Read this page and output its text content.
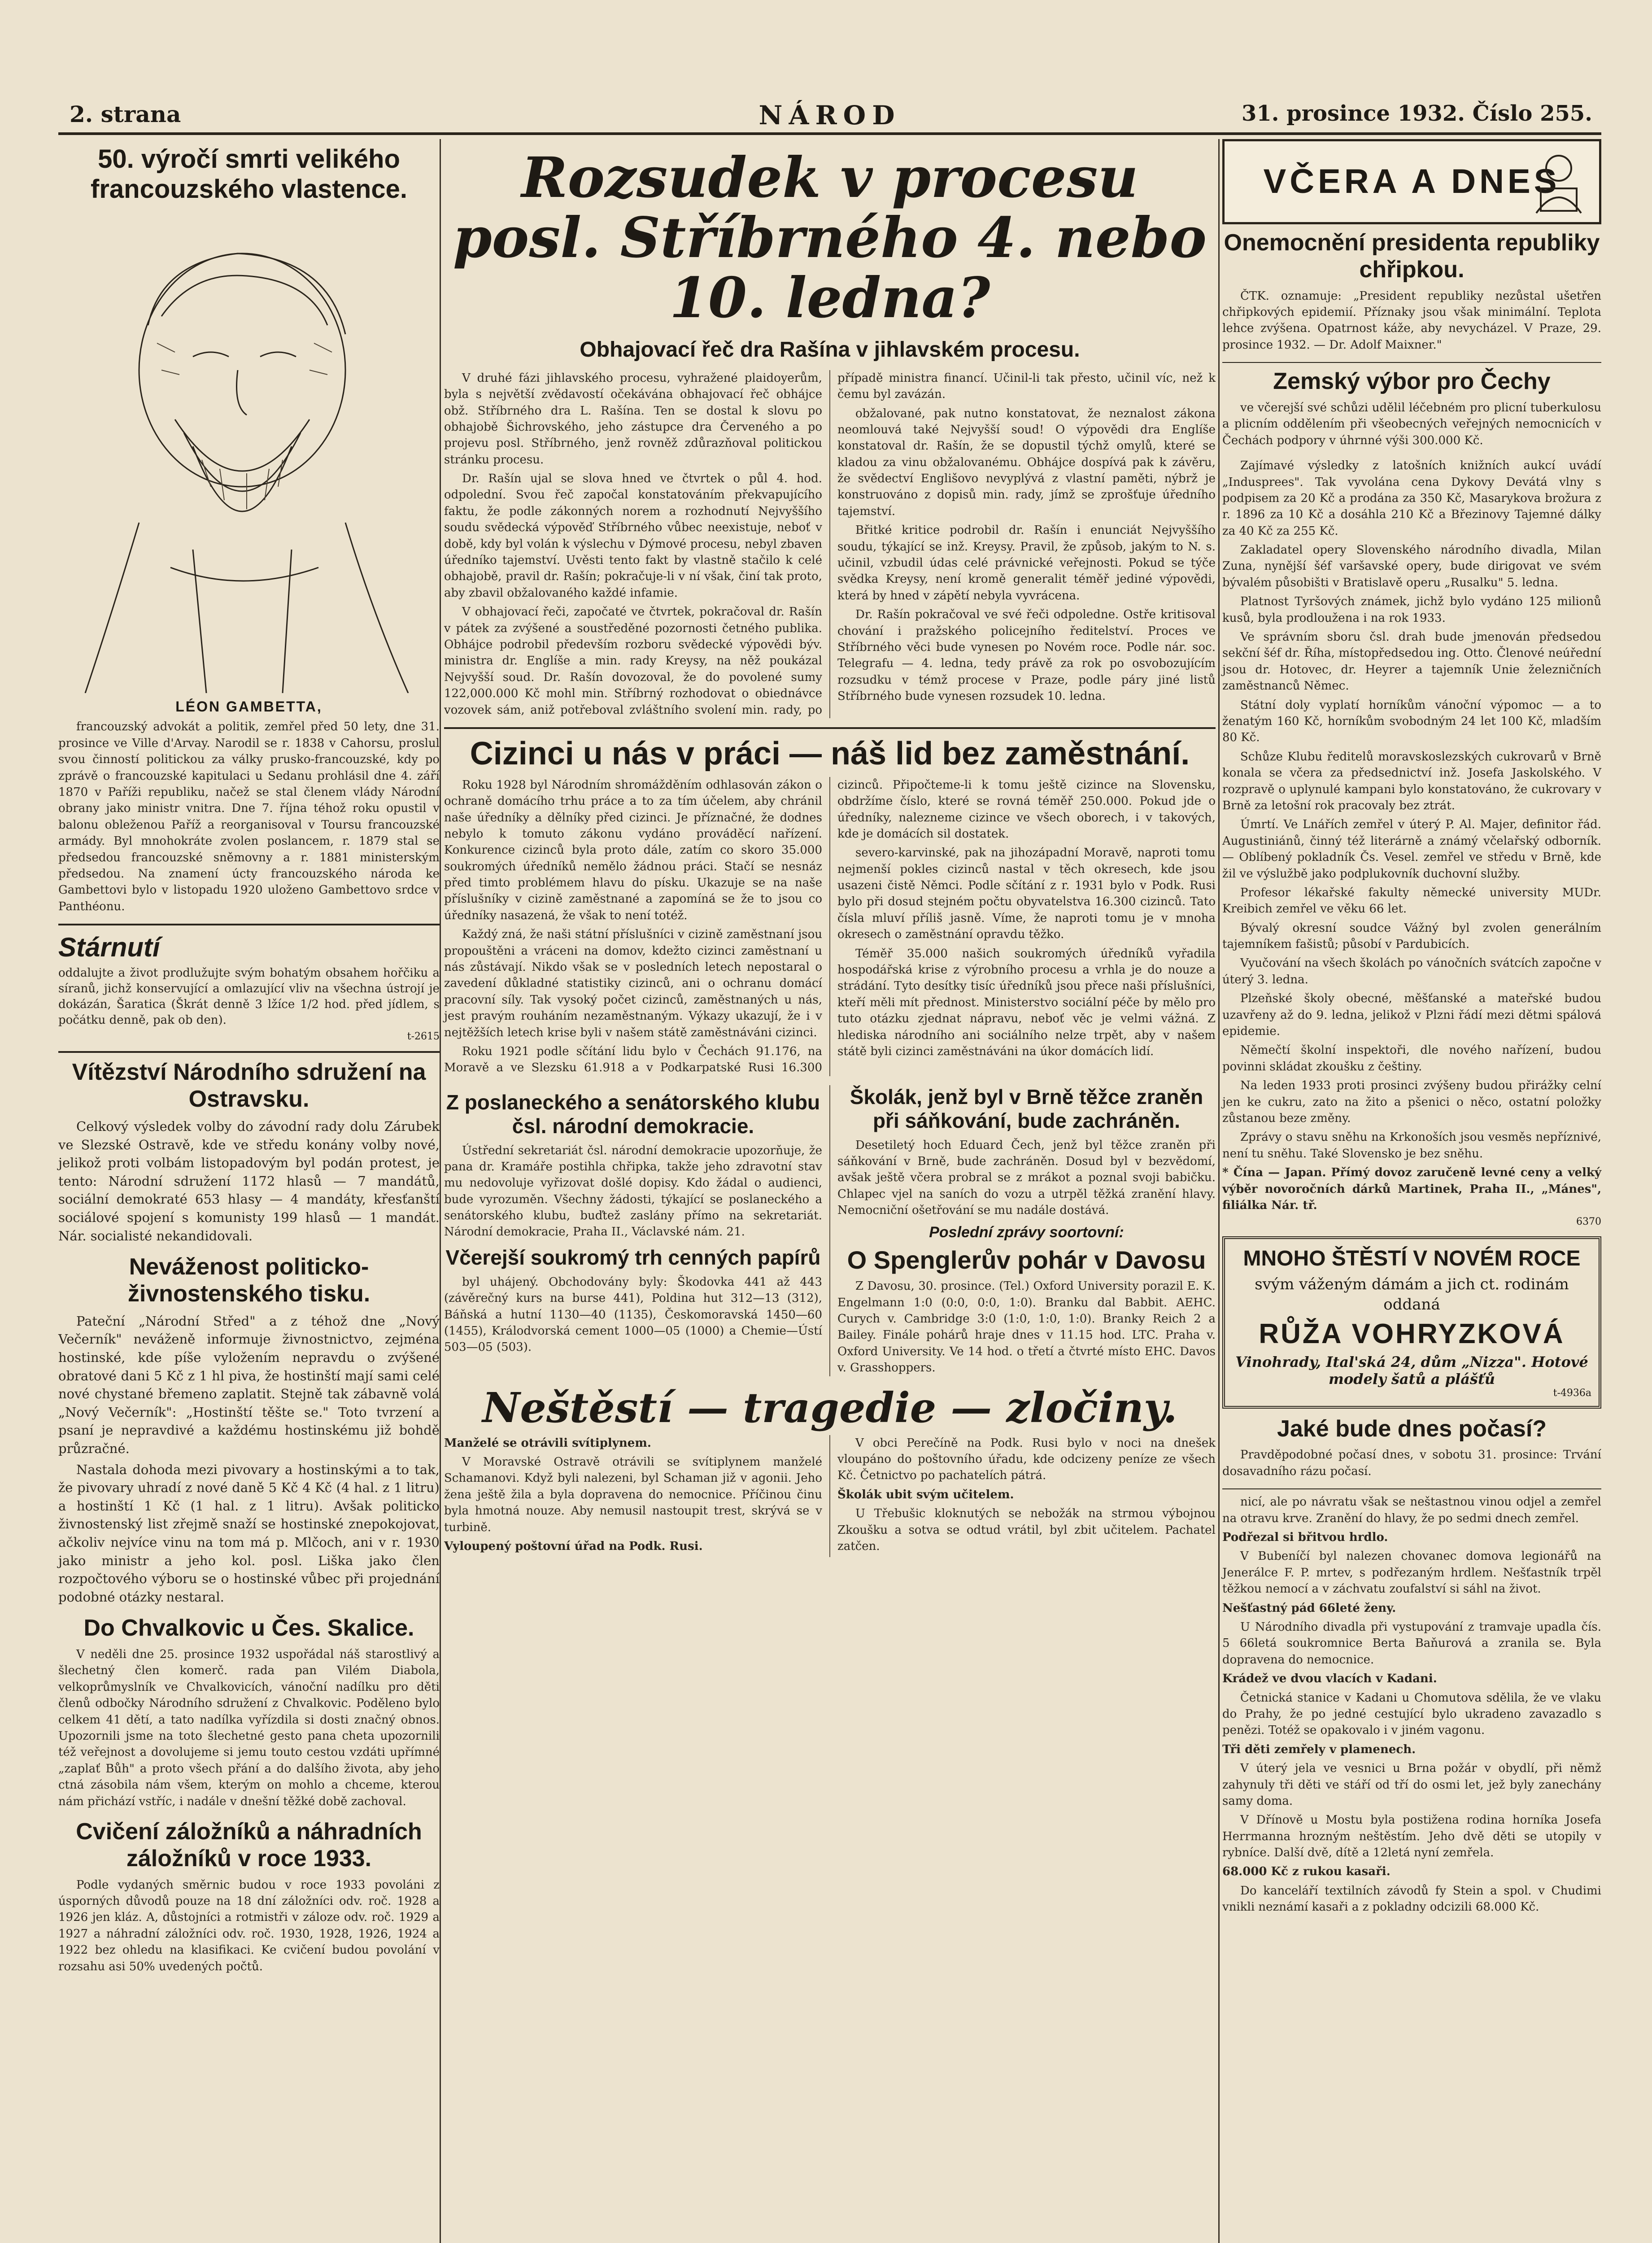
2. strana	NÁROD	31. prosince 1932. Číslo 255.
50. výročí smrti velikého francouzského vlastence.
LÉON GAMBETTA,

francouzský advokát a politik, zemřel před 50 lety, dne 31. prosince ve Ville d'Arvay. Narodil se r. 1838 v Cahorsu, proslul svou činností politickou za války prusko-francouzské, kdy po zprávě o francouzské kapitulaci u Sedanu prohlásil dne 4. září 1870 v Paříži republiku, načež se stal členem vlády Národní obrany jako ministr vnitra. Dne 7. října téhož roku opustil v balonu obleženou Paříž a reorganisoval v Toursu francouzské armády. Byl mnohokráte zvolen poslancem, r. 1879 stal se předsedou francouzské sněmovny a r. 1881 ministerským předsedou. Na znamení úcty francouzského národa ke Gambettovi bylo v listopadu 1920 uloženo Gambettovo srdce v Panthéonu.

Stárnutí

oddalujte a život prodlužujte svým bohatým obsahem hořčiku a síranů, jichž konservující a omlazující vliv na všechna ústrojí je dokázán, Šaratica (Škrát denně 3 lžíce 1/2 hod. před jídlem, s počátku denně, pak ob den).

t-2615
Vítězství Národního sdružení na Ostravsku.

Celkový výsledek volby do závodní rady dolu Zárubek ve Slezské Ostravě, kde ve středu konány volby nové, jelikož proti volbám listopadovým byl podán protest, je tento: Národní sdružení 1172 hlasů — 7 mandátů, sociální demokraté 653 hlasy — 4 mandáty, křesťanští sociálové spojení s komunisty 199 hlasů — 1 mandát. Nár. socialisté nekandidovali.

Neváženost politicko-živnostenského tisku.

Pateční „Národní Střed" a z téhož dne „Nový Večerník" neváženě informuje živnostnictvo, zejména hostinské, kde píše vyložením nepravdu o zvýšené obratové dani 5 Kč z 1 hl piva, že hostinští mají sami celé nové chystané břemeno zaplatit. Stejně tak zábavně volá „Nový Večerník": „Hostinští těšte se." Toto tvrzení a psaní je nepravdivé a každému hostinskému již bohdě průzračné.

Nastala dohoda mezi pivovary a hostinskými a to tak, že pivovary uhradí z nové daně 5 Kč 4 Kč (4 hal. z 1 litru) a hostinští 1 Kč (1 hal. z 1 litru). Avšak politicko živnostenský list zřejmě snaží se hostinské znepokojovat, ačkoliv nejvíce vinu na tom má p. Mlčoch, ani v r. 1930 jako ministr a jeho kol. posl. Liška jako člen rozpočtového výboru se o hostinské vůbec při projednání podobné otázky nestaral.

Do Chvalkovic u Čes. Skalice.

V neděli dne 25. prosince 1932 uspořádal náš starostlivý a šlechetný člen komerč. rada pan Vilém Diabola, velkoprůmyslník ve Chvalkovicích, vánoční nadílku pro děti členů odbočky Národního sdružení z Chvalkovic. Poděleno bylo celkem 41 dětí, a tato nadílka vyřízdila si dosti značný obnos. Upozornili jsme na toto šlechetné gesto pana cheta upozornili též veřejnost a dovolujeme si jemu touto cestou vzdáti upřímné „zaplať Bůh" a proto všech přání a do dalšího života, aby jeho ctná zásobila nám všem, kterým on mohlo a chceme, kterou nám přichází vstříc, i nadále v dnešní těžké době zachoval.

Cvičení záložníků a náhradních záložníků v roce 1933.

Podle vydaných směrnic budou v roce 1933 povoláni z úsporných důvodů pouze na 18 dní záložníci odv. roč. 1928 a 1926 jen kláz. A, důstojníci a rotmistři v záloze odv. roč. 1929 a 1927 a náhradní záložníci odv. roč. 1930, 1928, 1926, 1924 a 1922 bez ohledu na klasifikaci. Ke cvičení budou povolání v rozsahu asi 50% uvedených počtů.

Rozsudek v procesu posl. Stříbrného 4. nebo 10. ledna?
Obhajovací řeč dra Rašína v jihlavském procesu.

V druhé fázi jihlavského procesu, vyhražené plaidoyerům, byla s největší zvědavostí očekávána obhajovací řeč obhájce obž. Stříbrného dra L. Rašína. Ten se dostal k slovu po obhajobě Šichrovského, jeho zástupce dra Červeného a po projevu posl. Stříbrného, jenž rovněž zdůrazňoval politickou stránku procesu.

Dr. Rašín ujal se slova hned ve čtvrtek o půl 4. hod. odpolední. Svou řeč započal konstatováním překvapujícího faktu, že podle zákonných norem a rozhodnutí Nejvyššího soudu svědecká výpověď Stříbrného vůbec neexistuje, neboť v době, kdy byl volán k výslechu v Dýmové procesu, nebyl zbaven úředníko tajemství. Uvěsti tento fakt by vlastně stačilo k celé obhajobě, pravil dr. Rašín; pokračuje-li v ní však, činí tak proto, aby zbavil obžalovaného každé infamie.

V obhajovací řeči, započaté ve čtvrtek, pokračoval dr. Rašín v pátek za zvýšené a soustředěné pozornosti četného publika. Obhájce podrobil především rozboru svědecké výpovědi býv. ministra dr. Englíše a min. rady Kreysy, na něž poukázal Nejvyšší soud. Dr. Rašín dovozoval, že do povolené sumy 122,000.000 Kč mohl min. Stříbrný rozhodovat o obiednávce vozovek sám, aniž potřeboval zvláštního svolení min. rady, po případě ministra financí. Učinil-li tak přesto, učinil víc, než k čemu byl zavázán.

obžalované, pak nutno konstatovat, že neznalost zákona neomlouvá také Nejvyšší soud! O výpovědi dra Englíše konstatoval dr. Rašín, že se dopustil týchž omylů, které se kladou za vinu obžalovanému. Obhájce dospívá pak k závěru, že svědectví Englišovo nevyplývá z vlastní paměti, nýbrž je konstruováno z dopisů min. rady, jímž se zprošťuje úředního tajemství.

Břitké kritice podrobil dr. Rašín i enunciát Nejvyššího soudu, týkající se inž. Kreysy. Pravil, že způsob, jakým to N. s. učinil, vzbudil údas celé právnické veřejnosti. Pokud se týče svědka Kreysy, není kromě generalit téměř jediné výpovědi, která by hned v zápětí nebyla vyvrácena.

Dr. Rašín pokračoval ve své řeči odpoledne. Ostře kritisoval chování i pražského policejního ředitelství. Proces ve Stříbrného věci bude vynesen po Novém roce. Podle nár. soc. Telegrafu — 4. ledna, tedy právě za rok po osvobozujícím rozsudku v témž procese v Praze, podle páry jiné listů Stříbrného bude vynesen rozsudek 10. ledna.

Cizinci u nás v práci — náš lid bez zaměstnání.

Roku 1928 byl Národním shromážděním odhlasován zákon o ochraně domácího trhu práce a to za tím účelem, aby chránil naše úředníky a dělníky před cizinci. Je příznačné, že dodnes nebylo k tomuto zákonu vydáno prováděcí nařízení. Konkurence cizinců byla proto dále, zatím co skoro 35.000 soukromých úředníků nemělo žádnou práci. Stačí se nesnáz před timto problémem hlavu do písku. Ukazuje se na naše příslušníky v cizině zaměstnané a zapomíná se že to jsou co úředníky nasazená, že však to není totéž.

Každý zná, že naši státní příslušníci v cizině zaměstnaní jsou propouštěni a vráceni na domov, kdežto cizinci zaměstnaní u nás zůstávají. Nikdo však se v posledních letech nepostaral o zavedení důkladné statistiky cizinců, ani o ochranu domácí pracovní síly. Tak vysoký počet cizinců, zaměstnaných u nás, jest pravým rouháním nezaměstnaným. Výkazy ukazují, že i v nejtěžších letech krise byli v našem státě zaměstnáváni cizinci.

Roku 1921 podle sčítání lidu bylo v Čechách 91.176, na Moravě a ve Slezsku 61.918 a v Podkarpatské Rusi 16.300 cizinců. Připočteme-li k tomu ještě cizince na Slovensku, obdržíme číslo, které se rovná téměř 250.000. Pokud jde o úředníky, nalezneme cizince ve všech oborech, i v takových, kde je domácích sil dostatek.

severo-karvinské, pak na jihozápadní Moravě, naproti tomu nejmenší pokles cizinců nastal v těch okresech, kde jsou usazeni čistě Němci. Podle sčítání z r. 1931 bylo v Podk. Rusi bylo při dosud stejném počtu obyvatelstva 16.300 cizinců. Tato čísla mluví příliš jasně. Víme, že naproti tomu je v mnoha okresech o zaměstnání opravdu těžko.

Téměř 35.000 našich soukromých úředníků vyřadila hospodářská krise z výrobního procesu a vrhla je do nouze a strádání. Tyto desítky tisíc úředníků jsou přece naši příslušníci, kteří měli mít přednost. Ministerstvo sociální péče by mělo pro tuto otázku zjednat nápravu, neboť věc je velmi vážná. Z hlediska národního ani sociálního nelze trpět, aby v našem státě byli cizinci zaměstnáváni na úkor domácích lidí.

Z poslaneckého a senátorského klubu čsl. národní demokracie.

Ústřední sekretariát čsl. národní demokracie upozorňuje, že pana dr. Kramáře postihla chřipka, takže jeho zdravotní stav mu nedovoluje vyřizovat došlé dopisy. Kdo žádal o audienci, bude vyrozuměn. Všechny žádosti, týkající se poslaneckého a senátorského klubu, buďtež zaslány přímo na sekretariát. Národní demokracie, Praha II., Václavské nám. 21.

Včerejší soukromý trh cenných papírů

byl uhájený. Obchodovány byly: Škodovka 441 až 443 (závěrečný kurs na burse 441), Poldina hut 312—13 (312), Báňská a hutní 1130—40 (1135), Českomoravská 1450—60 (1455), Králodvorská cement 1000—05 (1000) a Chemie—Ústí 503—05 (503).

Školák, jenž byl v Brně těžce zraněn při sáňkování, bude zachráněn.

Desetiletý hoch Eduard Čech, jenž byl těžce zraněn při sáňkování v Brně, bude zachráněn. Dosud byl v bezvědomí, avšak ještě včera probral se z mrákot a poznal svoji babičku. Chlapec vjel na saních do vozu a utrpěl těžká zranění hlavy. Nemocniční ošetřování se mu nadále dostává.

Poslední zprávy soortovní:
O Spenglerův pohár v Davosu

Z Davosu, 30. prosince. (Tel.) Oxford University porazil E. K. Engelmann 1:0 (0:0, 0:0, 1:0). Branku dal Babbit. AEHC. Curych v. Cambridge 3:0 (1:0, 1:0, 1:0). Branky Reich 2 a Bailey. Finále pohárů hraje dnes v 11.15 hod. LTC. Praha v. Oxford University. Ve 14 hod. o třetí a čtvrté místo EHC. Davos v. Grasshoppers.

Neštěstí — tragedie — zločiny.

Manželé se otrávili svítiplynem.

V Moravské Ostravě otrávili se svítiplynem manželé Schamanovi. Když byli nalezeni, byl Schaman již v agonii. Jeho žena ještě žila a byla dopravena do nemocnice. Příčinou činu byla hmotná nouze. Aby nemusil nastoupit trest, skrývá se v turbině.

Vyloupený poštovní úřad na Podk. Rusi.

V obci Perečíně na Podk. Rusi bylo v noci na dnešek vloupáno do poštovního úřadu, kde odcizeny peníze ze všech Kč. Četnictvo po pachatelích pátrá.

Školák ubit svým učitelem.

U Třebušic kloknutých se nebožák na strmou výbojnou Zkoušku a sotva se odtud vrátil, byl zbit učitelem. Pachatel zatčen.

VČERA A DNES
Onemocnění presidenta republiky chřipkou.

ČTK. oznamuje: „President republiky nezůstal ušetřen chřipkových epidemií. Příznaky jsou však minimální. Teplota lehce zvýšena. Opatrnost káže, aby nevycházel. V Praze, 29. prosince 1932. — Dr. Adolf Maixner."

Zemský výbor pro Čechy

ve včerejší své schůzi udělil léčebném pro plicní tuberkulosu a plicním oddělením při všeobecných veřejných nemocnicích v Čechách podpory v úhrnné výši 300.000 Kč.

Zajímavé výsledky z latošních knižních aukcí uvádí „Indusprees". Tak vyvolána cena Dykovy Devátá vlny s podpisem za 20 Kč a prodána za 350 Kč, Masarykova brožura z r. 1896 za 10 Kč a dosáhla 210 Kč a Březinovy Tajemné dálky za 40 Kč za 255 Kč.

Zakladatel opery Slovenského národního divadla, Milan Zuna, nynější šéf varšavské opery, bude dirigovat ve svém bývalém působišti v Bratislavě operu „Rusalku" 5. ledna.

Platnost Tyršových známek, jichž bylo vydáno 125 milionů kusů, byla prodloužena i na rok 1933.

Ve správním sboru čsl. drah bude jmenován předsedou sekční šéf dr. Říha, místopředsedou ing. Otto. Členové neúřední jsou dr. Hotovec, dr. Heyrer a tajemník Unie železničních zaměstnanců Němec.

Státní doly vyplatí horníkům vánoční výpomoc — a to ženatým 160 Kč, horníkům svobodným 24 let 100 Kč, mladším 80 Kč.

Schůze Klubu ředitelů moravskoslezských cukrovarů v Brně konala se včera za předsednictví inž. Josefa Jaskolského. V rozpravě o uplynulé kampani bylo konstatováno, že cukrovary v Brně za letošní rok pracovaly bez ztrát.

Úmrtí. Ve Lnářích zemřel v úterý P. Al. Majer, definitor řád. Augustiniánů, činný též literárně a známý včelařský odborník. — Oblíbený pokladník Čs. Vesel. zemřel ve středu v Brně, kde žil ve výslužbě jako podplukovník duchovní služby.

Profesor lékařské fakulty německé university MUDr. Kreibich zemřel ve věku 66 let.

Bývalý okresní soudce Vážný byl zvolen generálním tajemníkem fašistů; působí v Pardubicích.

Vyučování na všech školách po vánočních svátcích započne v úterý 3. ledna.

Plzeňské školy obecné, měšťanské a mateřské budou uzavřeny až do 9. ledna, jelikož v Plzni řádí mezi dětmi spálová epidemie.

Němečtí školní inspektoři, dle nového nařízení, budou povinni skládat zkoušku z češtiny.

Na leden 1933 proti prosinci zvýšeny budou přirážky celní jen ke cukru, zato na žito a pšenici o něco, ostatní položky zůstanou beze změny.

Zprávy o stavu sněhu na Krkonoších jsou vesměs nepříznivé, není tu sněhu. Také Slovensko je bez sněhu.

* Čína — Japan. Přímý dovoz zaručeně levné ceny a velký výběr novoročních dárků Martinek, Praha II., „Mánes", filiálka Nár. tř.

6370
MNOHO ŠTĚSTÍ V NOVÉM ROCE
svým váženým dámám a jich ct. rodinám oddaná
RŮŽA VOHRYZKOVÁ
Vinohrady, Ital'ská 24, dům „Nizza". Hotové modely šatů a plášťů
t-4936a
Jaké bude dnes počasí?

Pravděpodobné počasí dnes, v sobotu 31. prosince: Trvání dosavadního rázu počasí.

nicí, ale po návratu však se neštastnou vinou odjel a zemřel na otravu krve. Zranění do hlavy, že po sedmi dnech zemřel.

Podřezal si břitvou hrdlo.

V Bubeníčí byl nalezen chovanec domova legionářů na Jenerálce F. P. mrtev, s podřezaným hrdlem. Nešťastník trpěl těžkou nemocí a v záchvatu zoufalství si sáhl na život.

Nešťastný pád 66leté ženy.

U Národního divadla při vystupování z tramvaje upadla čís. 5 66letá soukromnice Berta Baňurová a zranila se. Byla dopravena do nemocnice.

Krádež ve dvou vlacích v Kadani.

Četnická stanice v Kadani u Chomutova sdělila, že ve vlaku do Prahy, že po jedné cestující bylo ukradeno zavazadlo s penězi. Totéž se opakovalo i v jiném vagonu.

Tři děti zemřely v plamenech.

V úterý jela ve vesnici u Brna požár v obydlí, při němž zahynuly tři děti ve stáří od tří do osmi let, jež byly zanechány samy doma.

V Dřínově u Mostu byla postižena rodina horníka Josefa Herrmanna hrozným neštěstím. Jeho dvě děti se utopily v rybníce. Další dvě, dítě a 12letá nyní zemřela.

68.000 Kč z rukou kasaři.

Do kanceláří textilních závodů fy Stein a spol. v Chudimi vnikli neznámí kasaři a z pokladny odcizili 68.000 Kč.
